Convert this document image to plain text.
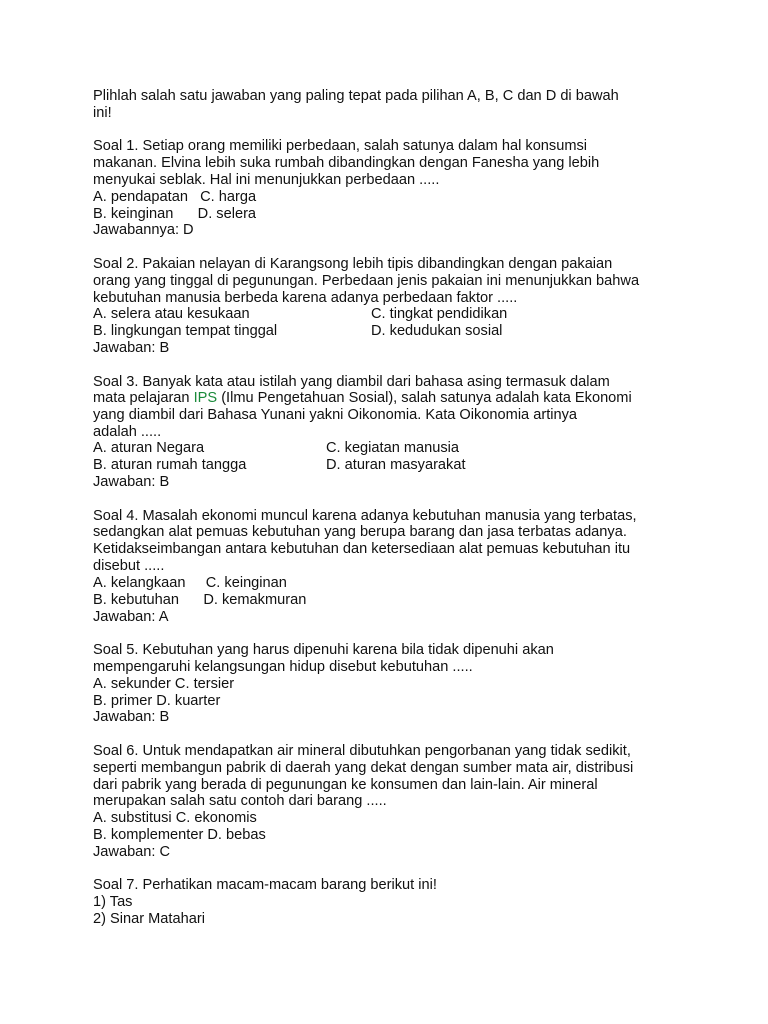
Plihlah salah satu jawaban yang paling tepat pada pilihan A, B, C dan D di bawah
ini!
Soal 1. Setiap orang memiliki perbedaan, salah satunya dalam hal konsumsi
makanan. Elvina lebih suka rumbah dibandingkan dengan Fanesha yang lebih
menyukai seblak. Hal ini menunjukkan perbedaan .....
A. pendapatan   C. harga
B. keinginan      D. selera
Jawabannya: D
Soal 2. Pakaian nelayan di Karangsong lebih tipis dibandingkan dengan pakaian
orang yang tinggal di pegunungan. Perbedaan jenis pakaian ini menunjukkan bahwa
kebutuhan manusia berbeda karena adanya perbedaan faktor .....
A. selera atau kesukaan	C. tingkat pendidikan
B. lingkungan tempat tinggal	D. kedudukan sosial
Jawaban: B
Soal 3. Banyak kata atau istilah yang diambil dari bahasa asing termasuk dalam
mata pelajaran IPS (Ilmu Pengetahuan Sosial), salah satunya adalah kata Ekonomi
yang diambil dari Bahasa Yunani yakni Oikonomia. Kata Oikonomia artinya
adalah .....
A. aturan Negara	C. kegiatan manusia
B. aturan rumah tangga	D. aturan masyarakat
Jawaban: B
Soal 4. Masalah ekonomi muncul karena adanya kebutuhan manusia yang terbatas,
sedangkan alat pemuas kebutuhan yang berupa barang dan jasa terbatas adanya.
Ketidakseimbangan antara kebutuhan dan ketersediaan alat pemuas kebutuhan itu
disebut .....
A. kelangkaan     C. keinginan
B. kebutuhan      D. kemakmuran
Jawaban: A
Soal 5. Kebutuhan yang harus dipenuhi karena bila tidak dipenuhi akan
mempengaruhi kelangsungan hidup disebut kebutuhan .....
A. sekunder C. tersier
B. primer D. kuarter
Jawaban: B
Soal 6. Untuk mendapatkan air mineral dibutuhkan pengorbanan yang tidak sedikit,
seperti membangun pabrik di daerah yang dekat dengan sumber mata air, distribusi
dari pabrik yang berada di pegunungan ke konsumen dan lain-lain. Air mineral
merupakan salah satu contoh dari barang .....
A. substitusi C. ekonomis
B. komplementer D. bebas
Jawaban: C
Soal 7. Perhatikan macam-macam barang berikut ini!
1) Tas
2) Sinar Matahari
